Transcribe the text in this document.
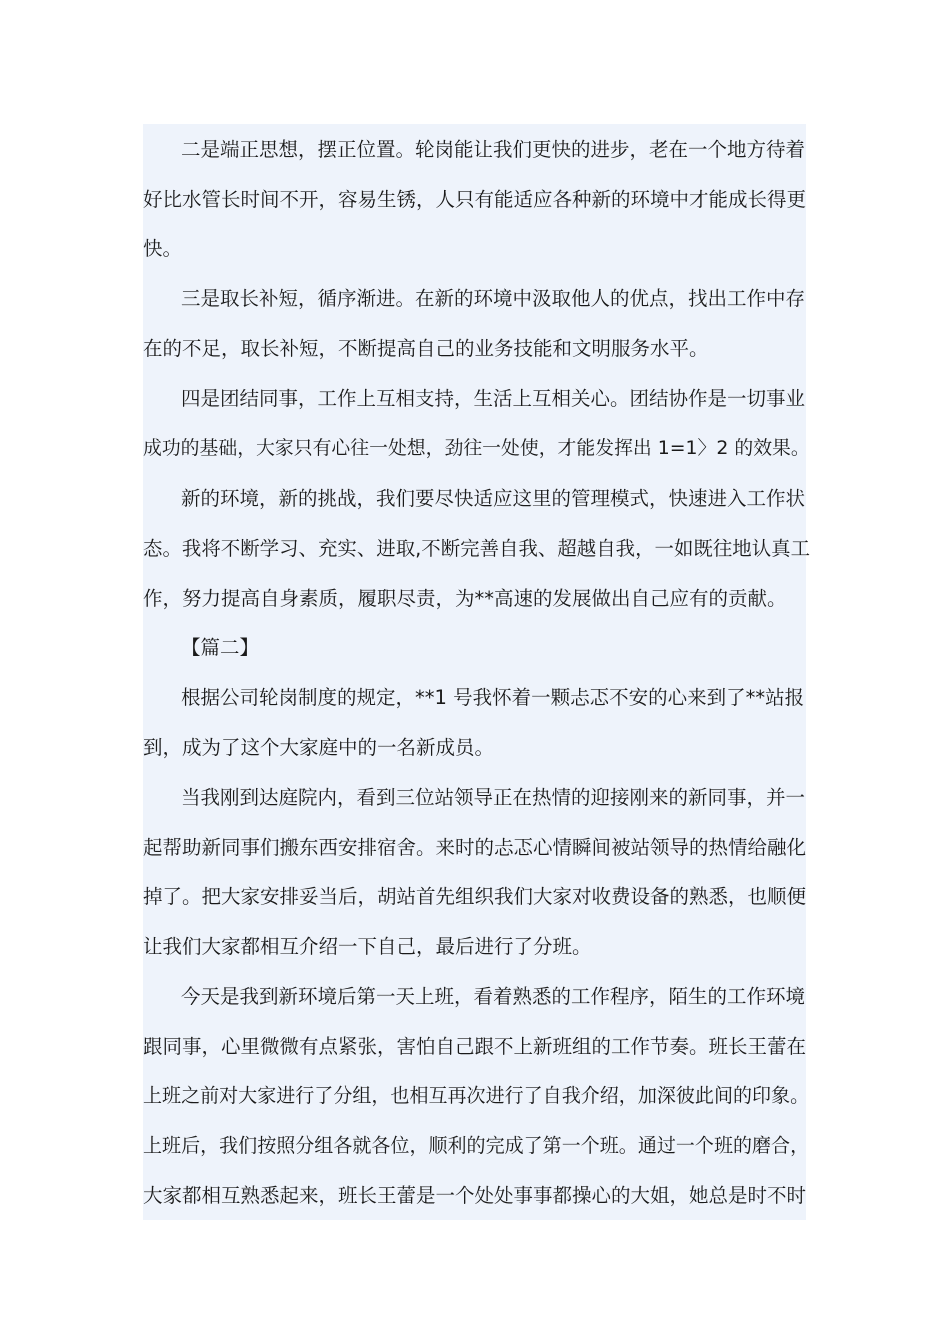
二是端正思想，摆正位置。轮岗能让我们更快的进步，老在一个地方待着
好比水管长时间不开，容易生锈，人只有能适应各种新的环境中才能成长得更
快。
三是取长补短，循序渐进。在新的环境中汲取他人的优点，找出工作中存
在的不足，取长补短，不断提高自己的业务技能和文明服务水平。
四是团结同事，工作上互相支持，生活上互相关心。团结协作是一切事业
成功的基础，大家只有心往一处想，劲往一处使，才能发挥出 1=1〉2 的效果。
新的环境，新的挑战，我们要尽快适应这里的管理模式，快速进入工作状
态。我将不断学习、充实、进取,不断完善自我、超越自我，一如既往地认真工
作，努力提高自身素质，履职尽责，为**高速的发展做出自己应有的贡献。
【篇二】
根据公司轮岗制度的规定，**1 号我怀着一颗忐忑不安的心来到了**站报
到，成为了这个大家庭中的一名新成员。
当我刚到达庭院内，看到三位站领导正在热情的迎接刚来的新同事，并一
起帮助新同事们搬东西安排宿舍。来时的忐忑心情瞬间被站领导的热情给融化
掉了。把大家安排妥当后，胡站首先组织我们大家对收费设备的熟悉，也顺便
让我们大家都相互介绍一下自己，最后进行了分班。
今天是我到新环境后第一天上班，看着熟悉的工作程序，陌生的工作环境
跟同事，心里微微有点紧张，害怕自己跟不上新班组的工作节奏。班长王蕾在
上班之前对大家进行了分组，也相互再次进行了自我介绍，加深彼此间的印象。
上班后，我们按照分组各就各位，顺利的完成了第一个班。通过一个班的磨合，
大家都相互熟悉起来，班长王蕾是一个处处事事都操心的大姐，她总是时不时
